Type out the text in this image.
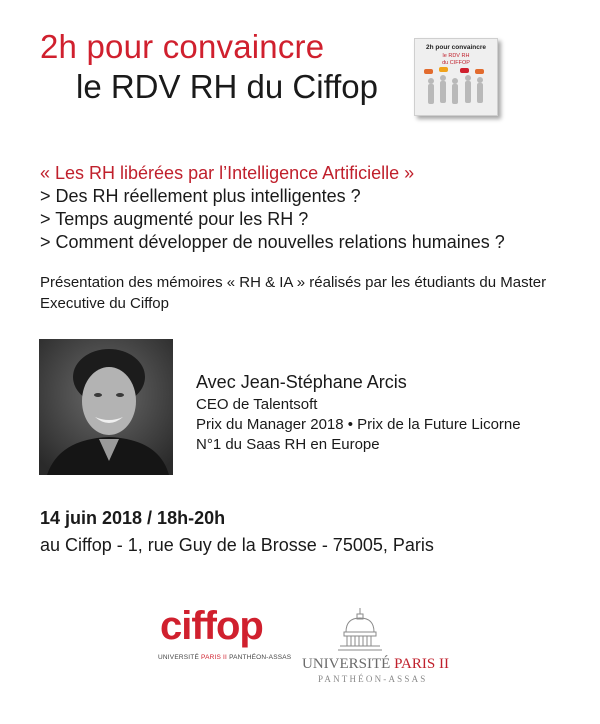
2h pour convaincre
le RDV RH du Ciffop
2h pour convaincre
le RDV RH
du CIFFOP
« Les RH libérées par l’Intelligence Artificielle »
> Des RH réellement plus intelligentes ?
> Temps augmenté pour les RH ?
> Comment développer de nouvelles relations humaines ?
Présentation des mémoires « RH & IA » réalisés par les étudiants du Master Executive du Ciffop
Avec Jean-Stéphane Arcis
CEO de Talentsoft
Prix du Manager 2018 • Prix de la Future Licorne
N°1 du Saas RH en Europe
14 juin 2018 / 18h-20h
au Ciffop - 1, rue Guy de la Brosse - 75005, Paris
ciffop
UNIVERSITÉ PARIS II PANTHÉON-ASSAS UNIVERSITÉ PARIS II
PANTHÉON-ASSAS
